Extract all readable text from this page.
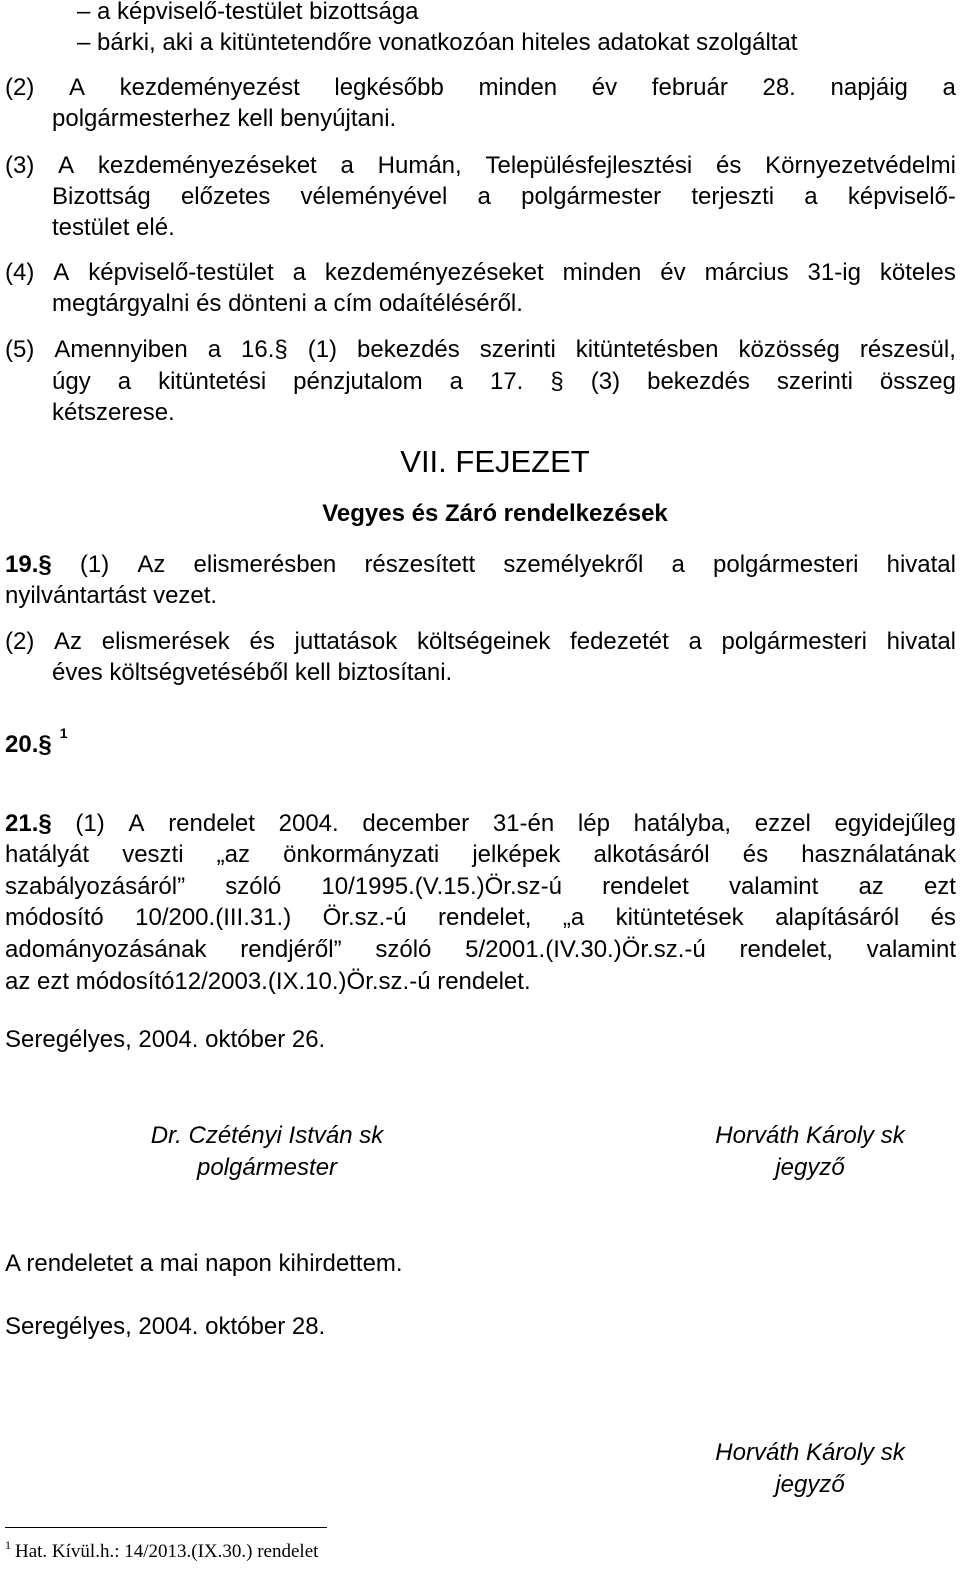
– a képviselő-testület bizottsága
– bárki, aki a kitüntetendőre vonatkozóan hiteles adatokat szolgáltat
(2) A kezdeményezést legkésőbb minden év február 28. napjáig a
polgármesterhez kell benyújtani.
(3) A kezdeményezéseket a Humán, Településfejlesztési és Környezetvédelmi
Bizottság előzetes véleményével a polgármester terjeszti a képviselő-
testület elé.
(4) A képviselő-testület a kezdeményezéseket minden év március 31-ig köteles
megtárgyalni és dönteni a cím odaítéléséről.
(5) Amennyiben a 16.§ (1) bekezdés szerinti kitüntetésben közösség részesül,
úgy a kitüntetési pénzjutalom a 17. § (3) bekezdés szerinti összeg
kétszerese.
VII. FEJEZET
Vegyes és Záró rendelkezések
19.§ (1) Az elismerésben részesített személyekről a polgármesteri hivatal
nyilvántartást vezet.
(2) Az elismerések és juttatások költségeinek fedezetét a polgármesteri hivatal
éves költségvetéséből kell biztosítani.
20.§ $^1$
21.§ (1) A rendelet 2004. december 31-én lép hatályba, ezzel egyidejűleg
hatályát veszti „az önkormányzati jelképek alkotásáról és használatának
szabályozásáról” szóló 10/1995.(V.15.)Ör.sz-ú rendelet valamint az ezt
módosító 10/200.(III.31.) Ör.sz.-ú rendelet, „a kitüntetések alapításáról és
adományozásának rendjéről” szóló 5/2001.(IV.30.)Ör.sz.-ú rendelet, valamint
az ezt módosító12/2003.(IX.10.)Ör.sz.-ú rendelet.
Seregélyes, 2004. október 26.
Dr. Czétényi István sk
polgármester
Horváth Károly sk
jegyző
A rendeletet a mai napon kihirdettem.
Seregélyes, 2004. október 28.
Horváth Károly sk
jegyző
$^1$ Hat. Kívül.h.: 14/2013.(IX.30.) rendelet
